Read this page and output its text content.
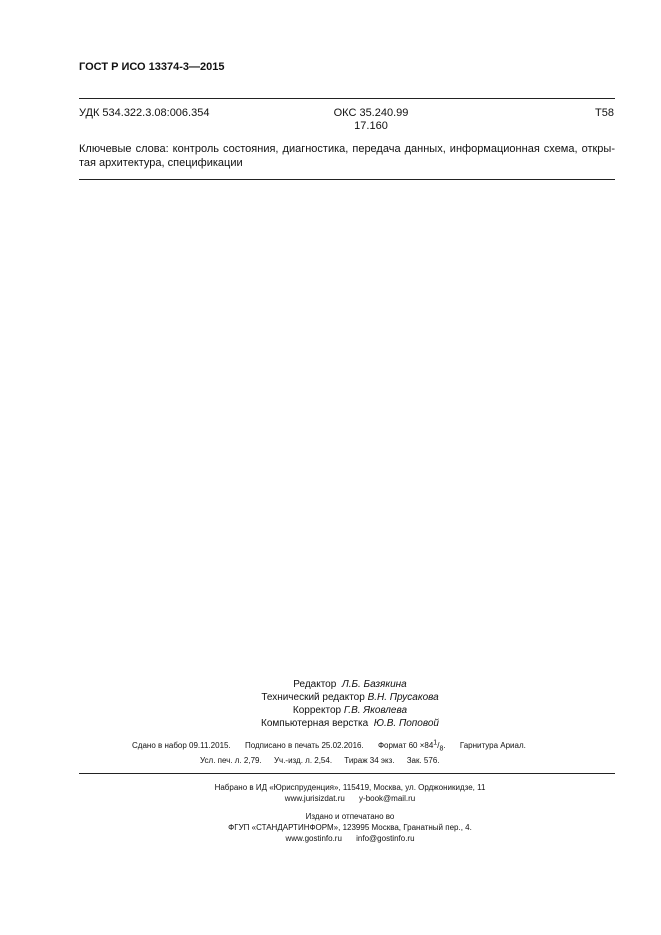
ГОСТ Р ИСО 13374-3—2015
УДК 534.322.3.08:006.354	ОКС 35.240.99
17.160
Т58
Ключевые слова: контроль состояния, диагностика, передача данных, информационная схема, откры-тая архитектура, спецификации
Редактор Л.Б. Базякина
Технический редактор В.Н. Прусакова
Корректор Г.В. Яковлева
Компьютерная верстка Ю.В. Поповой
Сдано в набор 09.11.2015. Подписано в печать 25.02.2016. Формат $60 \times 84^1/_8$. Гарнитура Ариал.
Усл. печ. л. 2,79. Уч.-изд. л. 2,54. Тираж 34 экз. Зак. 576.
Набрано в ИД «Юриспруденция», 115419, Москва, ул. Орджоникидзе, 11
www.jurisizdat.ru y-book@mail.ru
Издано и отпечатано во
ФГУП «СТАНДАРТИНФОРМ», 123995 Москва, Гранатный пер., 4.
www.gostinfo.ru info@gostinfo.ru
